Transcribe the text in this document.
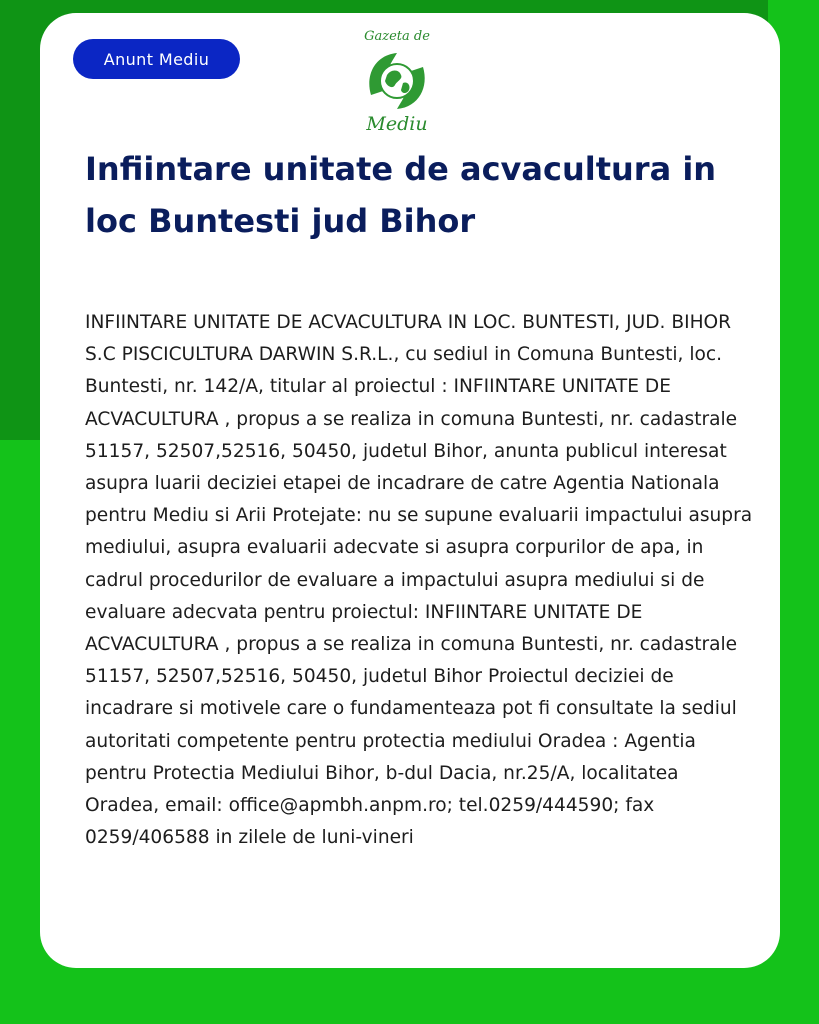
Anunt Mediu
Gazeta de
Mediu
Infiintare unitate de acvacultura in loc Buntesti jud Bihor

INFIINTARE UNITATE DE ACVACULTURA IN LOC. BUNTESTI, JUD. BIHOR S.C PISCICULTURA DARWIN S.R.L., cu sediul in Comuna Buntesti, loc. Buntesti, nr. 142/A, titular al proiectul : INFIINTARE UNITATE DE ACVACULTURA , propus a se realiza in comuna Buntesti, nr. cadastrale 51157, 52507,52516, 50450, judetul Bihor, anunta publicul interesat asupra luarii deciziei etapei de incadrare de catre Agentia Nationala pentru Mediu si Arii Protejate: nu se supune evaluarii impactului asupra mediului, asupra evaluarii adecvate si asupra corpurilor de apa, in cadrul procedurilor de evaluare a impactului asupra mediului si de evaluare adecvata pentru proiectul: INFIINTARE UNITATE DE ACVACULTURA , propus a se realiza in comuna Buntesti, nr. cadastrale 51157, 52507,52516, 50450, judetul Bihor Proiectul deciziei de incadrare si motivele care o fundamenteaza pot fi consultate la sediul autoritati competente pentru protectia mediului Oradea : Agentia pentru Protectia Mediului Bihor, b-dul Dacia, nr.25/A, localitatea Oradea, email: office@apmbh.anpm.ro; tel.0259/444590; fax 0259/406588 in zilele de luni-vineri
